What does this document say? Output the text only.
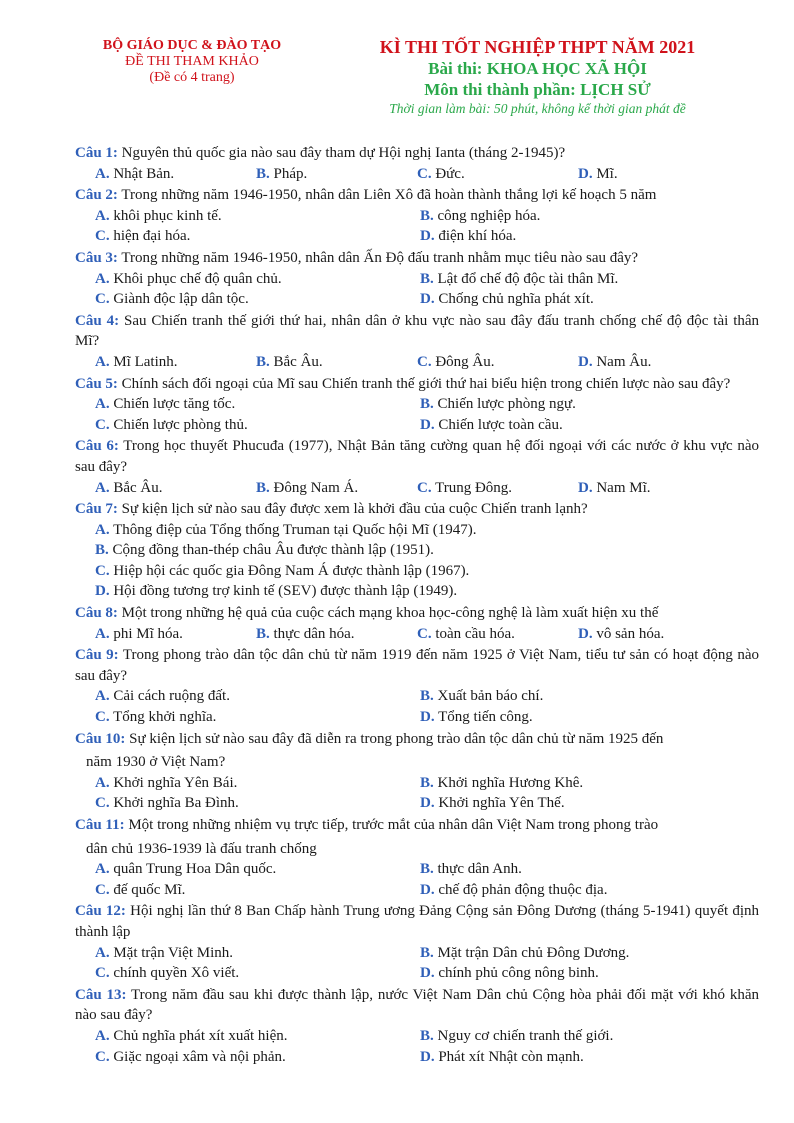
BỘ GIÁO DỤC & ĐÀO TẠO
ĐỀ THI THAM KHẢO
(Đề có 4 trang)
KÌ THI TỐT NGHIỆP THPT NĂM 2021
Bài thi: KHOA HỌC XÃ HỘI
Môn thi thành phần: LỊCH SỬ
Thời gian làm bài: 50 phút, không kể thời gian phát đề
Câu 1: Nguyên thủ quốc gia nào sau đây tham dự Hội nghị Ianta (tháng 2-1945)?
A. Nhật Bản.	B. Pháp.	C. Đức.	D. Mĩ.
Câu 2: Trong những năm 1946-1950, nhân dân Liên Xô đã hoàn thành thắng lợi kế hoạch 5 năm
A. khôi phục kinh tế.	B. công nghiệp hóa.
C. hiện đại hóa.	D. điện khí hóa.
Câu 3: Trong những năm 1946-1950, nhân dân Ấn Độ đấu tranh nhằm mục tiêu nào sau đây?
A. Khôi phục chế độ quân chủ.	B. Lật đổ chế độ độc tài thân Mĩ.
C. Giành độc lập dân tộc.	D. Chống chủ nghĩa phát xít.
Câu 4: Sau Chiến tranh thế giới thứ hai, nhân dân ở khu vực nào sau đây đấu tranh chống chế độ độc tài thân Mĩ?
A. Mĩ Latinh.	B. Bắc Âu.	C. Đông Âu.	D. Nam Âu.
Câu 5: Chính sách đối ngoại của Mĩ sau Chiến tranh thế giới thứ hai biểu hiện trong chiến lược nào sau đây?
A. Chiến lược tăng tốc.	B. Chiến lược phòng ngự.
C. Chiến lược phòng thủ.	D. Chiến lược toàn cầu.
Câu 6: Trong học thuyết Phucuđa (1977), Nhật Bản tăng cường quan hệ đối ngoại với các nước ở khu vực nào sau đây?
A. Bắc Âu.	B. Đông Nam Á.	C. Trung Đông.	D. Nam Mĩ.
Câu 7: Sự kiện lịch sử nào sau đây được xem là khởi đầu của cuộc Chiến tranh lạnh?
A. Thông điệp của Tổng thống Truman tại Quốc hội Mĩ (1947).
B. Cộng đồng than-thép châu Âu được thành lập (1951).
C. Hiệp hội các quốc gia Đông Nam Á được thành lập (1967).
D. Hội đồng tương trợ kinh tế (SEV) được thành lập (1949).
Câu 8: Một trong những hệ quả của cuộc cách mạng khoa học-công nghệ là làm xuất hiện xu thế
A. phi Mĩ hóa.	B. thực dân hóa.	C. toàn cầu hóa.	D. vô sản hóa.
Câu 9: Trong phong trào dân tộc dân chủ từ năm 1919 đến năm 1925 ở Việt Nam, tiểu tư sản có hoạt động nào sau đây?
A. Cải cách ruộng đất.	B. Xuất bản báo chí.
C. Tổng khởi nghĩa.	D. Tổng tiến công.
Câu 10: Sự kiện lịch sử nào sau đây đã diễn ra trong phong trào dân tộc dân chủ từ năm 1925 đến
năm 1930 ở Việt Nam?
A. Khởi nghĩa Yên Bái.	B. Khởi nghĩa Hương Khê.
C. Khởi nghĩa Ba Đình.	D. Khởi nghĩa Yên Thế.
Câu 11: Một trong những nhiệm vụ trực tiếp, trước mắt của nhân dân Việt Nam trong phong trào
dân chủ 1936-1939 là đấu tranh chống
A. quân Trung Hoa Dân quốc.	B. thực dân Anh.
C. đế quốc Mĩ.	D. chế độ phản động thuộc địa.
Câu 12: Hội nghị lần thứ 8 Ban Chấp hành Trung ương Đảng Cộng sản Đông Dương (tháng 5-1941) quyết định thành lập
A. Mặt trận Việt Minh.	B. Mặt trận Dân chủ Đông Dương.
C. chính quyền Xô viết.	D. chính phủ công nông binh.
Câu 13: Trong năm đầu sau khi được thành lập, nước Việt Nam Dân chủ Cộng hòa phải đối mặt với khó khăn nào sau đây?
A. Chủ nghĩa phát xít xuất hiện.	B. Nguy cơ chiến tranh thế giới.
C. Giặc ngoại xâm và nội phản.	D. Phát xít Nhật còn mạnh.
